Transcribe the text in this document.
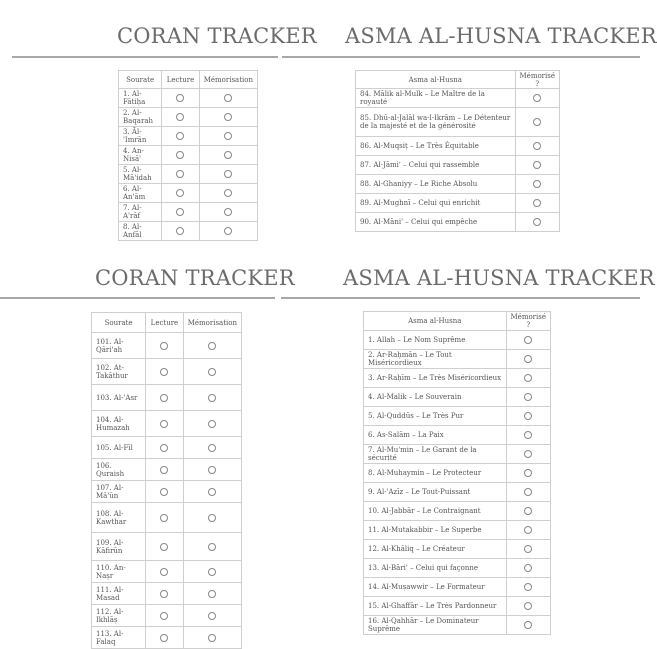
CORAN TRACKER
Sourate	Lecture	Mémorisation
1. Al-Fātiḥa		
2. Al-Baqarah		
3. Āl-'Imrān		
4. An-Nisā'		
5. Al-Mā'idah		
6. Al-An'ām		
7. Al-A'rāf		
8. Al-Anfāl		
ASMA AL-HUSNA TRACKER
Asma al-Husna	Mémorisé ?
84. Mālik al-Mulk – Le Maître de la royauté	
85. Dhū-al-Jalāl wa-l-Ikrām – Le Détenteur de la majesté et de la générosité	
86. Al-Muqsiṭ – Le Très Équitable	
87. Al-Jāmi' – Celui qui rassemble	
88. Al-Ghaniyy – Le Riche Absolu	
89. Al-Mughnī – Celui qui enrichit	
90. Al-Māni' – Celui qui empêche	
CORAN TRACKER
Sourate	Lecture	Mémorisation
101. Al-Qāri'ah		
102. At-Takāthur		
103. Al-'Asr		
104. Al-Humazah		
105. Al-Fīl		
106. Quraish		
107. Al-Mā'ūn		
108. Al-Kawthar		
109. Al-Kāfirūn		
110. An-Naṣr		
111. Al-Masad		
112. Al-Ikhlāṣ		
113. Al-Falaq		
ASMA AL-HUSNA TRACKER
Asma al-Husna	Mémorisé ?
1. Allah – Le Nom Suprême	
2. Ar-Raḥmān – Le Tout Miséricordieux	
3. Ar-Raḥīm – Le Très Miséricordieux	
4. Al-Malik – Le Souverain	
5. Al-Quddūs – Le Très Pur	
6. As-Salām – La Paix	
7. Al-Mu'min – Le Garant de la sécurité	
8. Al-Muhaymin – Le Protecteur	
9. Al-'Azīz – Le Tout-Puissant	
10. Al-Jabbār – Le Contraignant	
11. Al-Mutakabbir – Le Superbe	
12. Al-Khāliq – Le Créateur	
13. Al-Bāri' – Celui qui façonne	
14. Al-Muṣawwir – Le Formateur	
15. Al-Ghaffār – Le Très Pardonneur	
16. Al-Qahhār – Le Dominateur Suprême	
